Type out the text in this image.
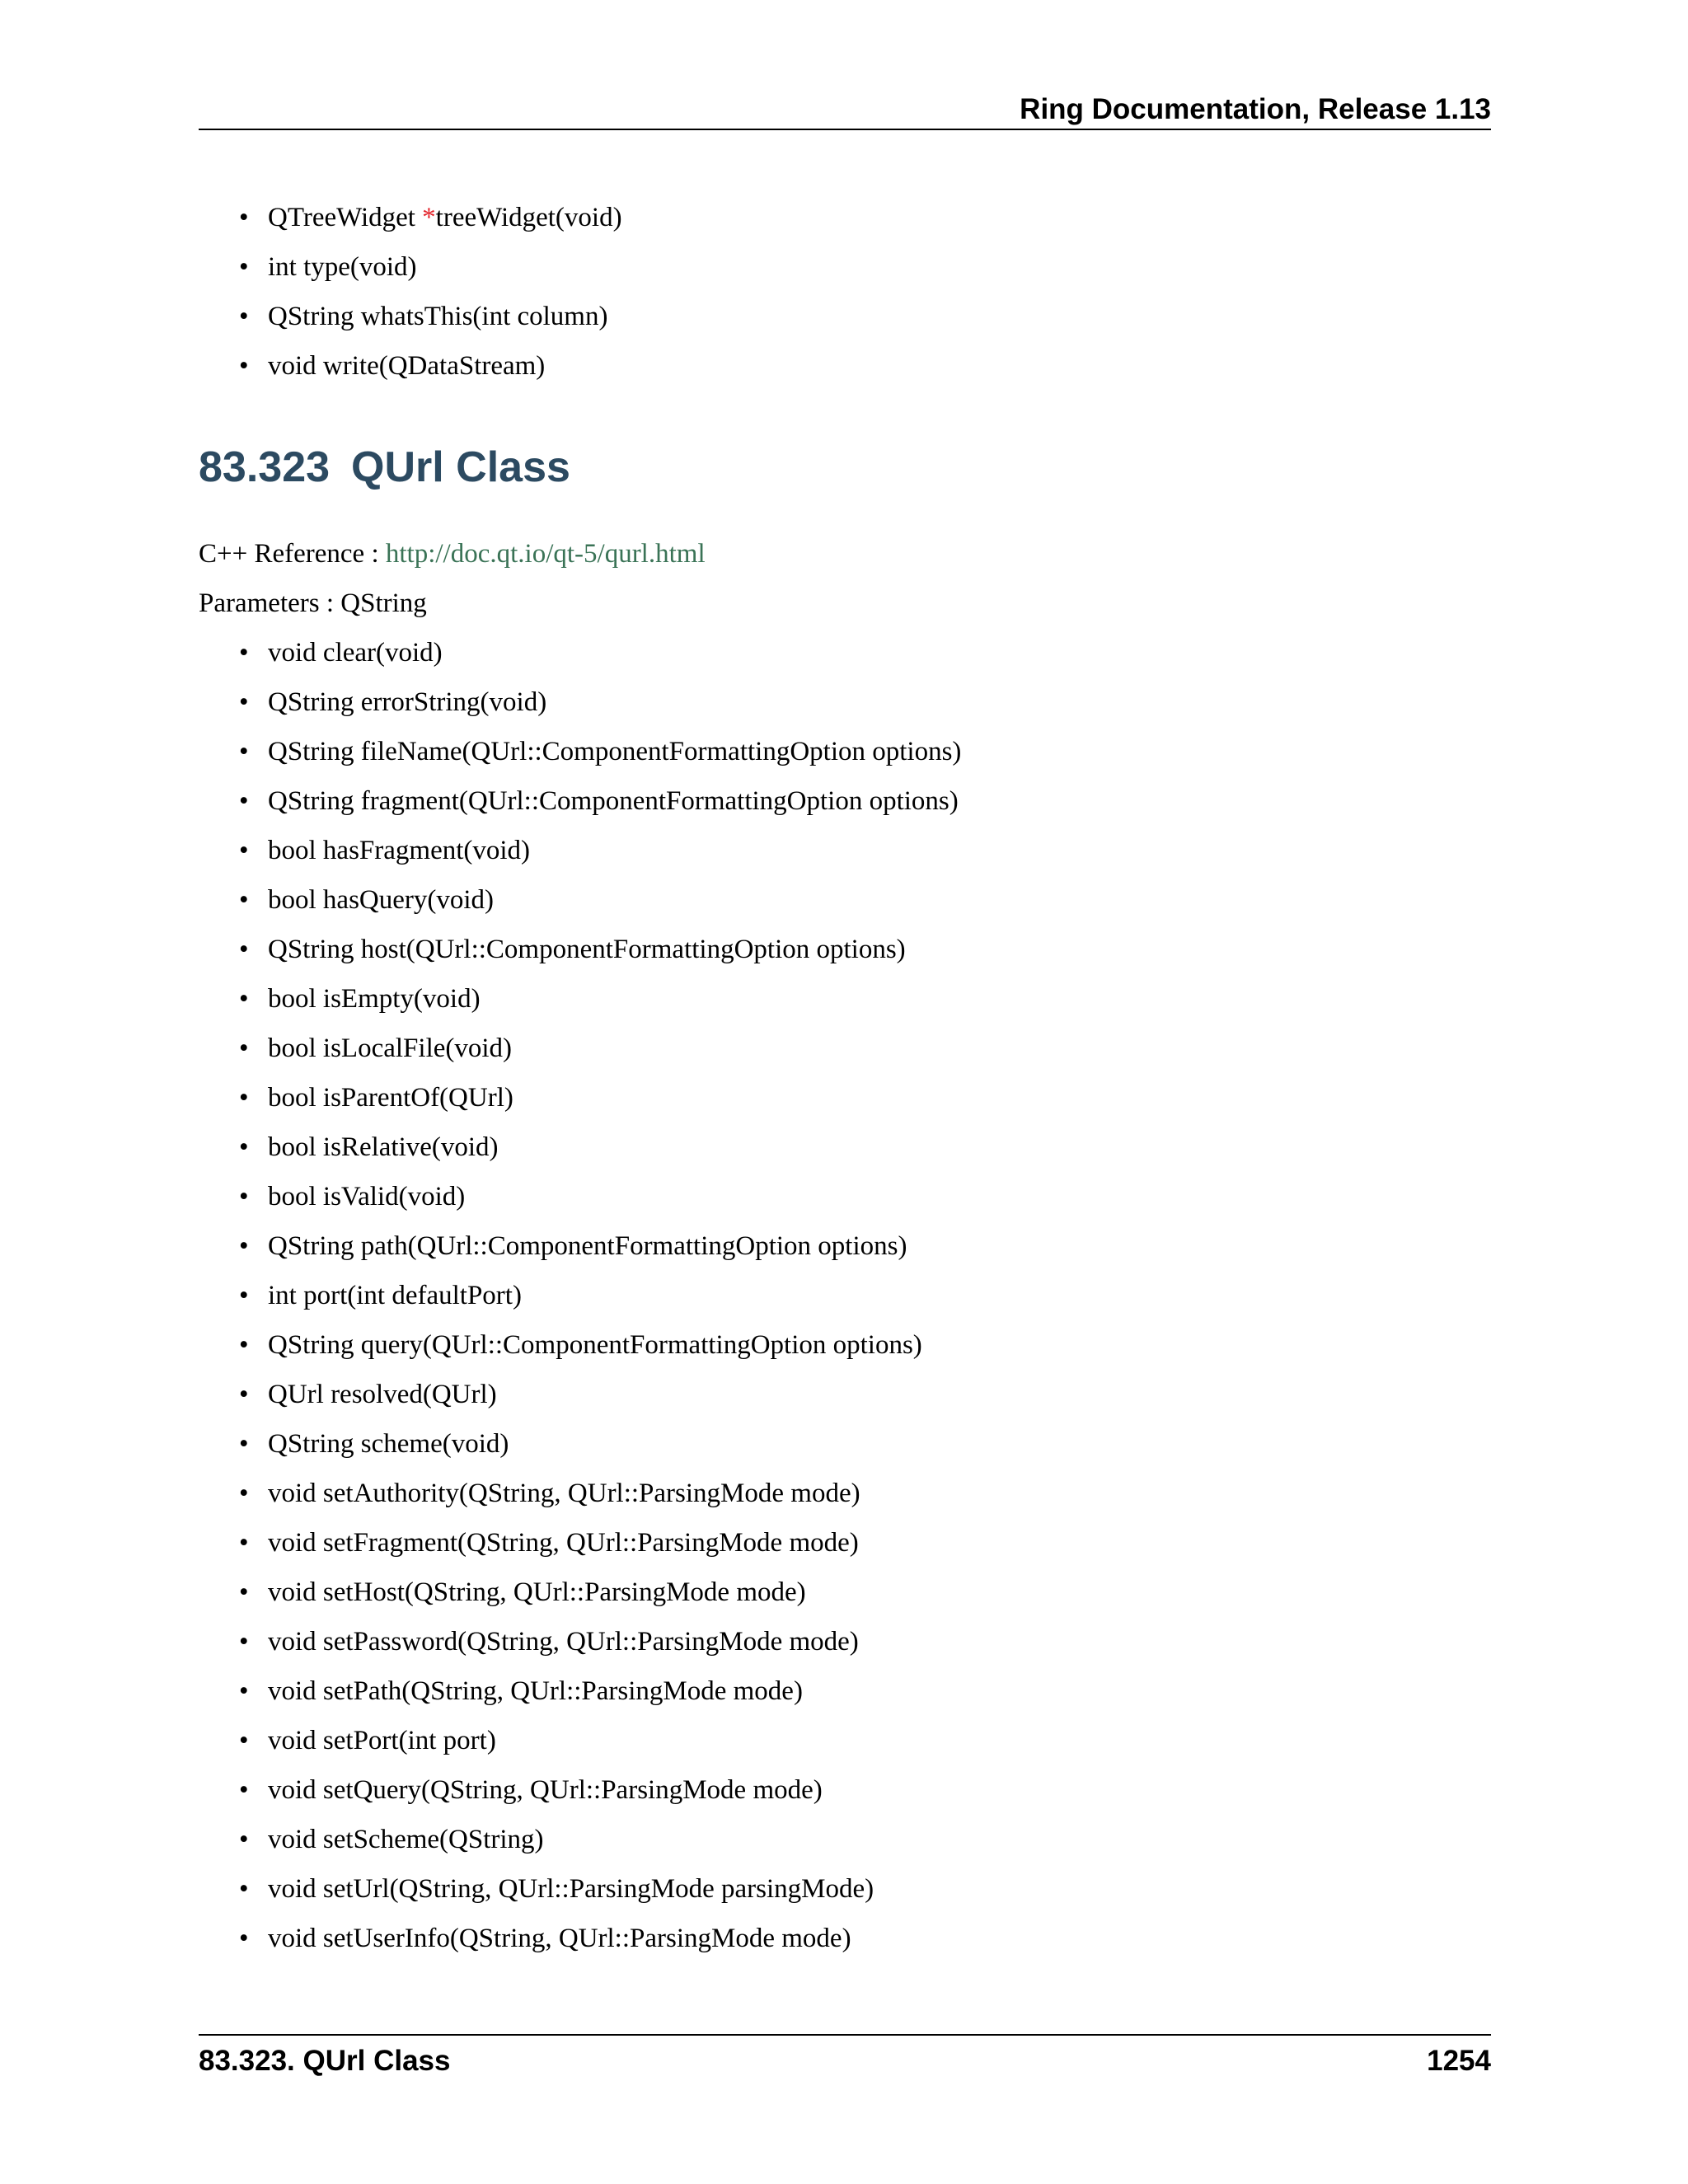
Ring Documentation, Release 1.13
• QTreeWidget *treeWidget(void)
• int type(void)
• QString whatsThis(int column)
• void write(QDataStream)
83.323 QUrl Class
C++ Reference : http://doc.qt.io/qt-5/qurl.html
Parameters : QString
• void clear(void)
• QString errorString(void)
• QString fileName(QUrl::ComponentFormattingOption options)
• QString fragment(QUrl::ComponentFormattingOption options)
• bool hasFragment(void)
• bool hasQuery(void)
• QString host(QUrl::ComponentFormattingOption options)
• bool isEmpty(void)
• bool isLocalFile(void)
• bool isParentOf(QUrl)
• bool isRelative(void)
• bool isValid(void)
• QString path(QUrl::ComponentFormattingOption options)
• int port(int defaultPort)
• QString query(QUrl::ComponentFormattingOption options)
• QUrl resolved(QUrl)
• QString scheme(void)
• void setAuthority(QString, QUrl::ParsingMode mode)
• void setFragment(QString, QUrl::ParsingMode mode)
• void setHost(QString, QUrl::ParsingMode mode)
• void setPassword(QString, QUrl::ParsingMode mode)
• void setPath(QString, QUrl::ParsingMode mode)
• void setPort(int port)
• void setQuery(QString, QUrl::ParsingMode mode)
• void setScheme(QString)
• void setUrl(QString, QUrl::ParsingMode parsingMode)
• void setUserInfo(QString, QUrl::ParsingMode mode)
83.323. QUrl Class	1254
